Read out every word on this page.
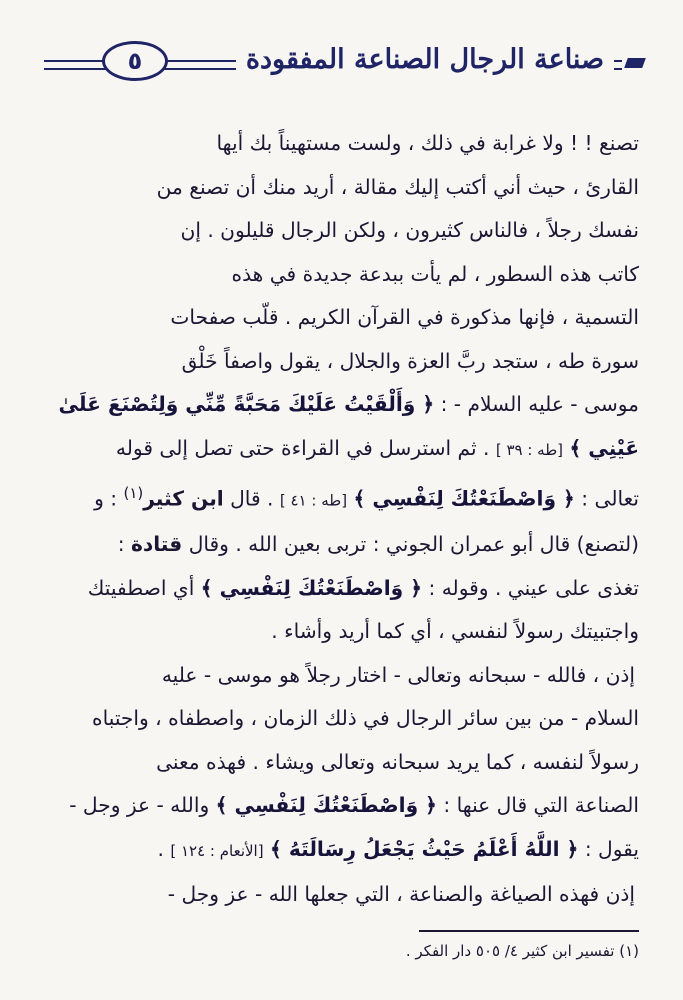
صناعة الرجال الصناعة المفقودة
٥
تصنع ! ! ولا غرابة في ذلك ، ولست مستهيناً بك أيها
القارئ ، حيث أني أكتب إليك مقالة ، أريد منك أن تصنع من
نفسك رجلاً ، فالناس كثيرون ، ولكن الرجال قليلون . إن
كاتب هذه السطور ، لم يأت ببدعة جديدة في هذه
التسمية ، فإنها مذكورة في القرآن الكريم . قلّب صفحات
سورة طه ، ستجد ربَّ العزة والجلال ، يقول واصفاً خَلْق
موسى - عليه السلام - : ﴿ وَأَلْقَيْتُ عَلَيْكَ مَحَبَّةً مِّنِّي وَلِتُصْنَعَ عَلَىٰ
عَيْنِي ﴾ [طه : ٣٩ ] . ثم استرسل في القراءة حتى تصل إلى قوله
تعالى : ﴿ وَاصْطَنَعْتُكَ لِنَفْسِي ﴾ [طه : ٤١ ] . قال ابن كثير$^{(١)}$ : و
(لتصنع) قال أبو عمران الجوني : تربى بعين الله . وقال قتادة :
تغذى على عيني . وقوله : ﴿ وَاصْطَنَعْتُكَ لِنَفْسِي ﴾ أي اصطفيتك
واجتبيتك رسولاً لنفسي ، أي كما أريد وأشاء .
إذن ، فالله - سبحانه وتعالى - اختار رجلاً هو موسى - عليه
السلام - من بين سائر الرجال في ذلك الزمان ، واصطفاه ، واجتباه
رسولاً لنفسه ، كما يريد سبحانه وتعالى ويشاء . فهذه معنى
الصناعة التي قال عنها : ﴿ وَاصْطَنَعْتُكَ لِنَفْسِي ﴾ والله - عز وجل -
يقول : ﴿ اللَّهُ أَعْلَمُ حَيْثُ يَجْعَلُ رِسَالَتَهُ ﴾ [الأنعام : ١٢٤ ] .
إذن فهذه الصياغة والصناعة ، التي جعلها الله - عز وجل -
(١) تفسير ابن كثير ٤/ ٥٠٥ دار الفكر .
